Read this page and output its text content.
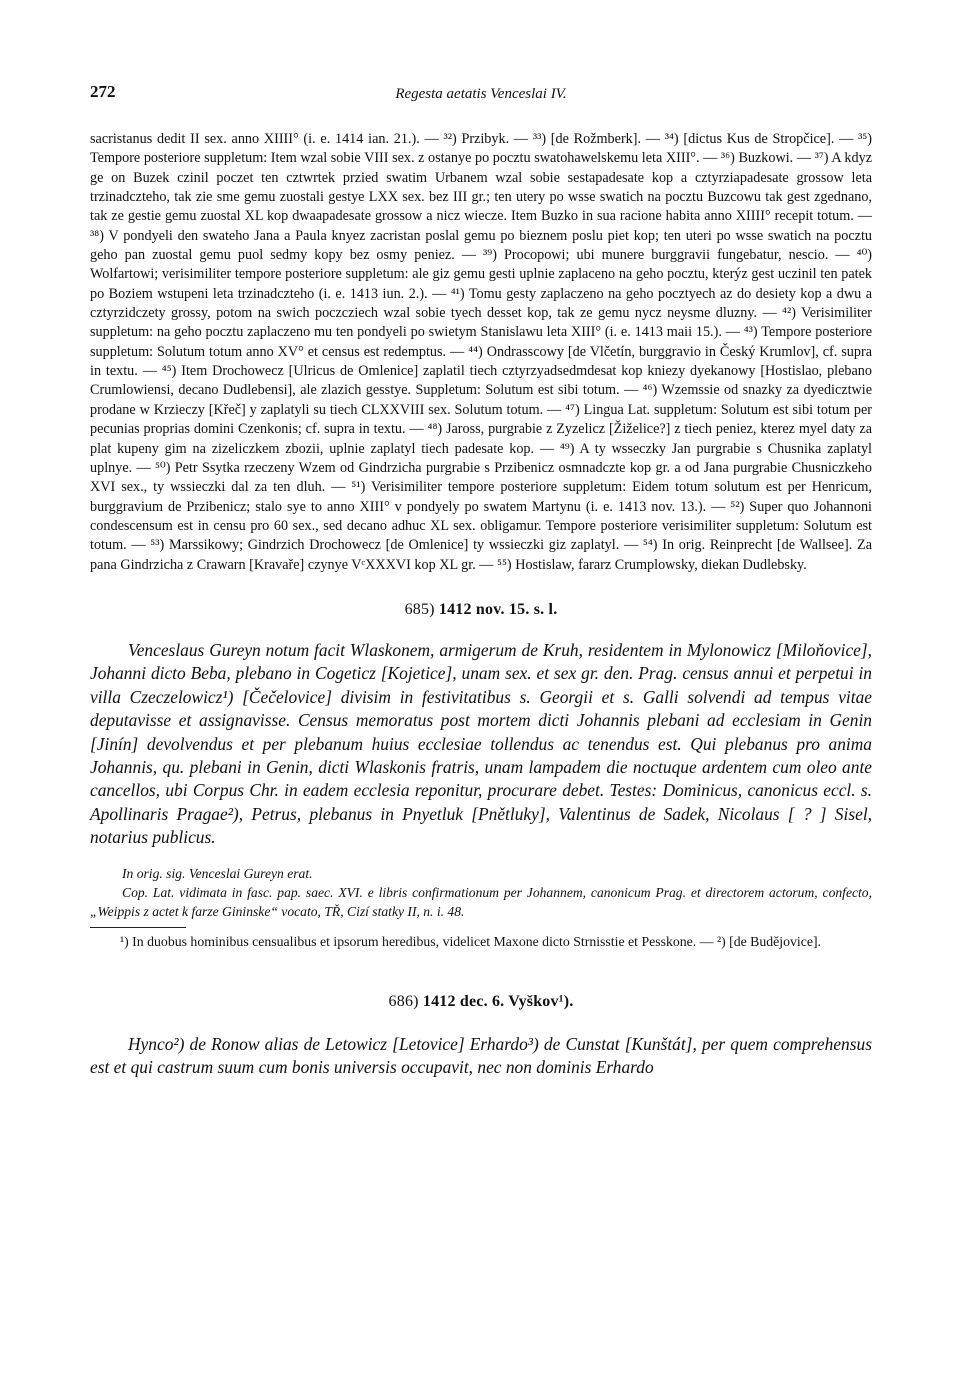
272	Regesta aetatis Venceslai IV.

sacristanus dedit II sex. anno XIIII° (i. e. 1414 ian. 21.). — ³²) Przibyk. — ³³) [de Rožmberk]. — ³⁴) [dictus Kus de Stropčice]. — ³⁵) Tempore posteriore suppletum: Item wzal sobie VIII sex. z ostanye po pocztu swatohawelskemu leta XIII°. — ³⁶) Buzkowi. — ³⁷) A kdyz ge on Buzek czinil poczet ten cztwrtek przied swatim Urbanem wzal sobie sestapadesate kop a cztyrziapadesate grossow leta trzinadczteho, tak zie sme gemu zuostali gestye LXX sex. bez III gr.; ten utery po wsse swatich na pocztu Buzcowu tak gest zgednano, tak ze gestie gemu zuostal XL kop dwaapadesate grossow a nicz wiecze. Item Buzko in sua racione habita anno XIIII° recepit totum. — ³⁸) V pondyeli den swateho Jana a Paula knyez zacristan poslal gemu po bieznem poslu piet kop; ten uteri po wsse swatich na pocztu geho pan zuostal gemu puol sedmy kopy bez osmy peniez. — ³⁹) Procopowi; ubi munere burggravii fungebatur, nescio. — ⁴⁰) Wolfartowi; verisimiliter tempore posteriore suppletum: ale giz gemu gesti uplnie zaplaceno na geho pocztu, kterýz gest uczinil ten patek po Boziem wstupeni leta trzinadczteho (i. e. 1413 iun. 2.). — ⁴¹) Tomu gesty zaplaczeno na geho pocztyech az do desiety kop a dwu a cztyrzidczety grossy, potom na swich poczcziech wzal sobie tyech desset kop, tak ze gemu nycz neysme dluzny. — ⁴²) Verisimiliter suppletum: na geho pocztu zaplaczeno mu ten pondyeli po swietym Stanislawu leta XIII° (i. e. 1413 maii 15.). — ⁴³) Tempore posteriore suppletum: Solutum totum anno XV° et census est redemptus. — ⁴⁴) Ondrasscowy [de Vlčetín, burggravio in Český Krumlov], cf. supra in textu. — ⁴⁵) Item Drochowecz [Ulricus de Omlenice] zaplatil tiech cztyrzyadsedmdesat kop kniezy dyekanowy [Hostislao, plebano Crumlowiensi, decano Dudlebensi], ale zlazich gesstye. Suppletum: Solutum est sibi totum. — ⁴⁶) Wzemssie od snazky za dyedicztwie prodane w Krzieczy [Křeč] y zaplatyli su tiech CLXXVIII sex. Solutum totum. — ⁴⁷) Lingua Lat. suppletum: Solutum est sibi totum per pecunias proprias domini Czenkonis; cf. supra in textu. — ⁴⁸) Jaross, purgrabie z Zyzelicz [Žiželice?] z tiech peniez, kterez myel daty za plat kupeny gim na zizeliczkem zbozii, uplnie zaplatyl tiech padesate kop. — ⁴⁹) A ty wsseczky Jan purgrabie s Chusnika zaplatyl uplnye. — ⁵⁰) Petr Ssytka rzeczeny Wzem od Gindrzicha purgrabie s Przibenicz osmnadczte kop gr. a od Jana purgrabie Chusniczkeho XVI sex., ty wssieczki dal za ten dluh. — ⁵¹) Verisimiliter tempore posteriore suppletum: Eidem totum solutum est per Henricum, burggravium de Przibenicz; stalo sye to anno XIII° v pondyely po swatem Martynu (i. e. 1413 nov. 13.). — ⁵²) Super quo Johannoni condescensum est in censu pro 60 sex., sed decano adhuc XL sex. obligamur. Tempore posteriore verisimiliter suppletum: Solutum est totum. — ⁵³) Marssikowy; Gindrzich Drochowecz [de Omlenice] ty wssieczki giz zaplatyl. — ⁵⁴) In orig. Reinprecht [de Wallsee]. Za pana Gindrzicha z Crawarn [Kravaře] czynye VᶜXXXVI kop XL gr. — ⁵⁵) Hostislaw, fararz Crumplowsky, diekan Dudlebsky.

685) 1412 nov. 15. s. l.

Venceslaus Gureyn notum facit Wlaskonem, armigerum de Kruh, residentem in Mylonowicz [Miloňovice], Johanni dicto Beba, plebano in Cogeticz [Kojetice], unam sex. et sex gr. den. Prag. census annui et perpetui in villa Czeczelowicz¹) [Čečelovice] divisim in festivitatibus s. Georgii et s. Galli solvendi ad tempus vitae deputavisse et assignavisse. Census memoratus post mortem dicti Johannis plebani ad ecclesiam in Genin [Jinín] devolvendus et per plebanum huius ecclesiae tollendus ac tenendus est. Qui plebanus pro anima Johannis, qu. plebani in Genin, dicti Wlaskonis fratris, unam lampadem die noctuque ardentem cum oleo ante cancellos, ubi Corpus Chr. in eadem ecclesia reponitur, procurare debet. Testes: Dominicus, canonicus eccl. s. Apollinaris Pragae²), Petrus, plebanus in Pnyetluk [Pnětluky], Valentinus de Sadek, Nicolaus [ ? ] Sisel, notarius publicus.

In orig. sig. Venceslai Gureyn erat.

Cop. Lat. vidimata in fasc. pap. saec. XVI. e libris confirmationum per Johannem, canonicum Prag. et directorem actorum, confecto, „Weippis z actet k farze Gininske“ vocato, TŘ, Cizí statky II, n. i. 48.

¹) In duobus hominibus censualibus et ipsorum heredibus, videlicet Maxone dicto Strnisstie et Pesskone. — ²) [de Budějovice].

686) 1412 dec. 6. Vyškov¹).

Hynco²) de Ronow alias de Letowicz [Letovice] Erhardo³) de Cunstat [Kunštát], per quem comprehensus est et qui castrum suum cum bonis universis occupavit, nec non dominis Erhardo
